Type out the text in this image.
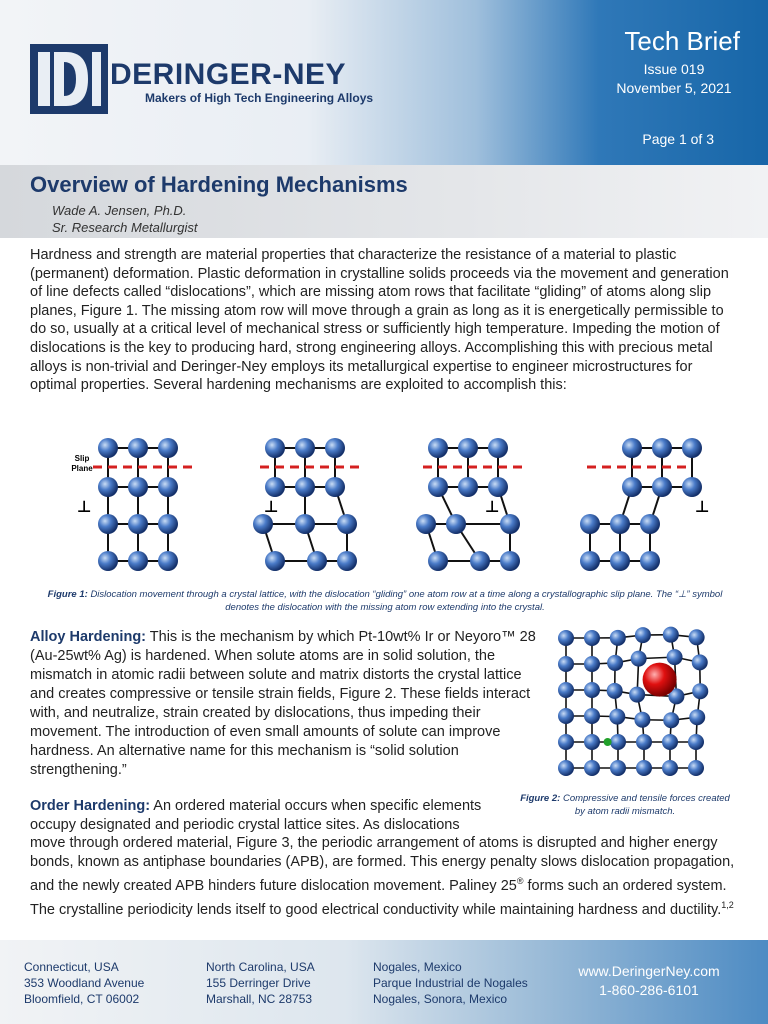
DERINGER-NEY
Makers of High Tech Engineering Alloys
Tech Brief
Issue 019
November 5, 2021
Page 1 of 3
Overview of Hardening Mechanisms
Wade A. Jensen, Ph.D.
Sr. Research Metallurgist
Hardness and strength are material properties that characterize the resistance of a material to plastic (permanent) deformation. Plastic deformation in crystalline solids proceeds via the movement and generation of line defects called “dislocations”, which are missing atom rows that facilitate “gliding” of atoms along slip planes, Figure 1. The missing atom row will move through a grain as long as it is energetically permissible to do so, usually at a critical level of mechanical stress or sufficiently high temperature. Impeding the motion of dislocations is the key to producing hard, strong engineering alloys. Accomplishing this with precious metal alloys is non-trivial and Deringer-Ney employs its metallurgical expertise to engineer microstructures for optimal properties. Several hardening mechanisms are exploited to accomplish this:
Slip
Plane
⊥	⊥	⊥	⊥
Figure 1: Dislocation movement through a crystal lattice, with the dislocation “gliding” one atom row at a time along a crystallographic slip plane. The “⊥” symbol denotes the dislocation with the missing atom row extending into the crystal.
Alloy Hardening: This is the mechanism by which Pt-10wt% Ir or Neyoro™ 28 (Au-25wt% Ag) is hardened. When solute atoms are in solid solution, the mismatch in atomic radii between solute and matrix distorts the crystal lattice and creates compressive or tensile strain fields, Figure 2. These fields interact with, and neutralize, strain created by dislocations, thus impeding their movement. The introduction of even small amounts of solute can improve hardness. An alternative name for this mechanism is “solid solution strengthening.”
Figure 2: Compressive and tensile forces created by atom radii mismatch.
Order Hardening: An ordered material occurs when specific elements occupy designated and periodic crystal lattice sites. As dislocations
move through ordered material, Figure 3, the periodic arrangement of atoms is disrupted and higher energy bonds, known as antiphase boundaries (APB), are formed. This energy penalty slows dislocation propagation, and the newly created APB hinders future dislocation movement. Paliney 25® forms such an ordered system. The crystalline periodicity lends itself to good electrical conductivity while maintaining hardness and ductility.$^{1,2}$
Connecticut, USA
353 Woodland Avenue
Bloomfield, CT 06002
North Carolina, USA
155 Derringer Drive
Marshall, NC 28753
Nogales, Mexico
Parque Industrial de Nogales
Nogales, Sonora, Mexico
www.DeringerNey.com
1-860-286-6101
